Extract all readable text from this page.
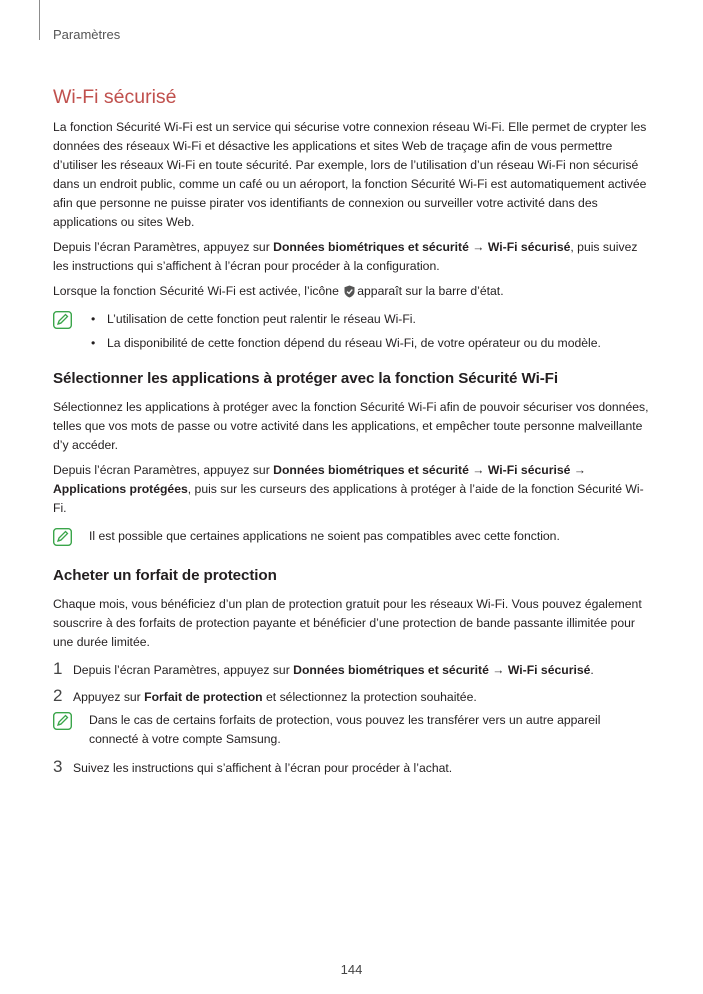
Paramètres
Wi-Fi sécurisé

La fonction Sécurité Wi-Fi est un service qui sécurise votre connexion réseau Wi-Fi. Elle permet de crypter les données des réseaux Wi-Fi et désactive les applications et sites Web de traçage afin de vous permettre d’utiliser les réseaux Wi-Fi en toute sécurité. Par exemple, lors de l’utilisation d’un réseau Wi-Fi non sécurisé dans un endroit public, comme un café ou un aéroport, la fonction Sécurité Wi-Fi est automatiquement activée afin que personne ne puisse pirater vos identifiants de connexion ou surveiller votre activité dans des applications ou sites Web.

Depuis l’écran Paramètres, appuyez sur Données biométriques et sécurité → Wi-Fi sécurisé, puis suivez les instructions qui s’affichent à l’écran pour procéder à la configuration.

Lorsque la fonction Sécurité Wi-Fi est activée, l’icône apparaît sur la barre d’état.

• L’utilisation de cette fonction peut ralentir le réseau Wi-Fi.
• La disponibilité de cette fonction dépend du réseau Wi-Fi, de votre opérateur ou du modèle.
Sélectionner les applications à protéger avec la fonction Sécurité Wi-Fi

Sélectionnez les applications à protéger avec la fonction Sécurité Wi-Fi afin de pouvoir sécuriser vos données, telles que vos mots de passe ou votre activité dans les applications, et empêcher toute personne malveillante d’y accéder.

Depuis l’écran Paramètres, appuyez sur Données biométriques et sécurité → Wi-Fi sécurisé → Applications protégées, puis sur les curseurs des applications à protéger à l’aide de la fonction Sécurité Wi-Fi.

Il est possible que certaines applications ne soient pas compatibles avec cette fonction.
Acheter un forfait de protection

Chaque mois, vous bénéficiez d’un plan de protection gratuit pour les réseaux Wi-Fi. Vous pouvez également souscrire à des forfaits de protection payante et bénéficier d’une protection de bande passante illimitée pour une durée limitée.

1 Depuis l’écran Paramètres, appuyez sur Données biométriques et sécurité → Wi-Fi sécurisé.
2 Appuyez sur Forfait de protection et sélectionnez la protection souhaitée.
Dans le cas de certains forfaits de protection, vous pouvez les transférer vers un autre appareil connecté à votre compte Samsung.
3 Suivez les instructions qui s’affichent à l’écran pour procéder à l’achat.
144
